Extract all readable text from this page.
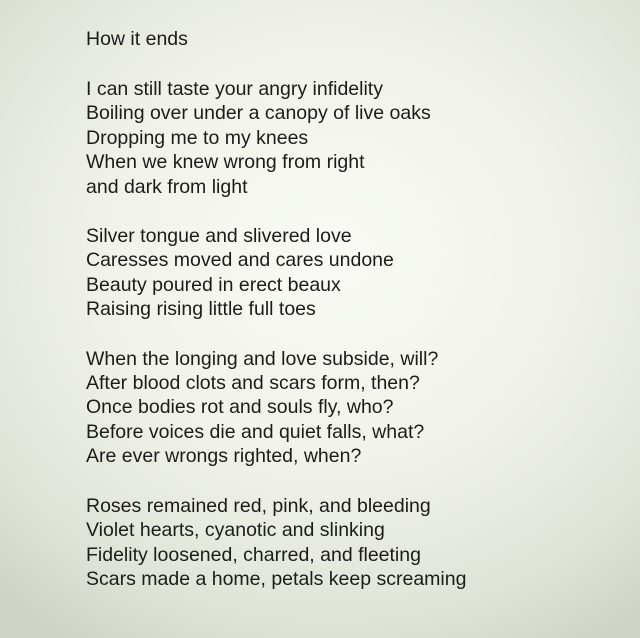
How it ends
I can still taste your angry infidelity
Boiling over under a canopy of live oaks
Dropping me to my knees
When we knew wrong from right
and dark from light
Silver tongue and slivered love
Caresses moved and cares undone
Beauty poured in erect beaux
Raising rising little full toes
When the longing and love subside, will?
After blood clots and scars form, then?
Once bodies rot and souls fly, who?
Before voices die and quiet falls, what?
Are ever wrongs righted, when?
Roses remained red, pink, and bleeding
Violet hearts, cyanotic and slinking
Fidelity loosened, charred, and fleeting
Scars made a home, petals keep screaming
